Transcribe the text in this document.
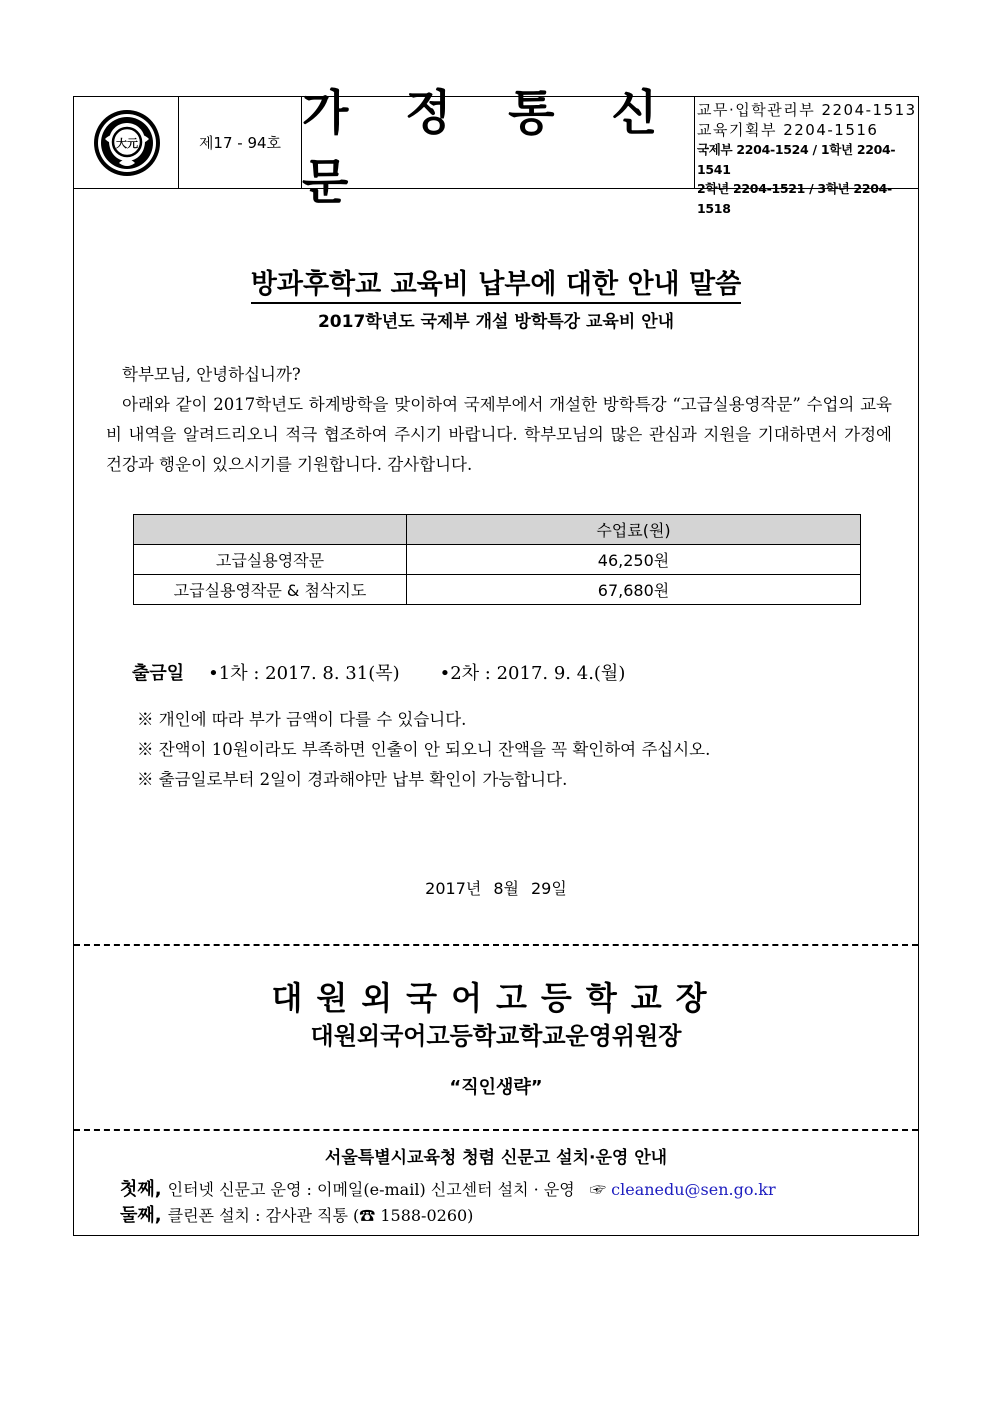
大元	제17 - 94호
가 정 통 신 문
교무·입학관리부 2204-1513
교육기획부 2204-1516
국제부 2204-1524 / 1학년 2204-1541
2학년 2204-1521 / 3학년 2204-1518
방과후학교 교육비 납부에 대한 안내 말씀
2017학년도 국제부 개설 방학특강 교육비 안내
학부모님, 안녕하십니까?
아래와 같이 2017학년도 하계방학을 맞이하여 국제부에서 개설한 방학특강 “고급실용영작문” 수업의 교육비 내역을 알려드리오니 적극 협조하여 주시기 바랍니다. 학부모님의 많은 관심과 지원을 기대하면서 가정에 건강과 행운이 있으시기를 기원합니다. 감사합니다.
	수업료(원)
고급실용영작문	46,250원
고급실용영작문 & 첨삭지도	67,680원
출금일 •1차 : 2017. 8. 31(목) •2차 : 2017. 9. 4.(월)
※ 개인에 따라 부가 금액이 다를 수 있습니다.
※ 잔액이 10원이라도 부족하면 인출이 안 되오니 잔액을 꼭 확인하여 주십시오.
※ 출금일로부터 2일이 경과해야만 납부 확인이 가능합니다.
2017년 8월 29일
대원외국어고등학교장
대원외국어고등학교학교운영위원장
“직인생략”
서울특별시교육청 청렴 신문고 설치·운영 안내
첫째, 인터넷 신문고 운영 : 이메일(e-mail) 신고센터 설치 · 운영 ☞ cleanedu@sen.go.kr
둘째, 클린폰 설치 : 감사관 직통 (☎ 1588-0260)
